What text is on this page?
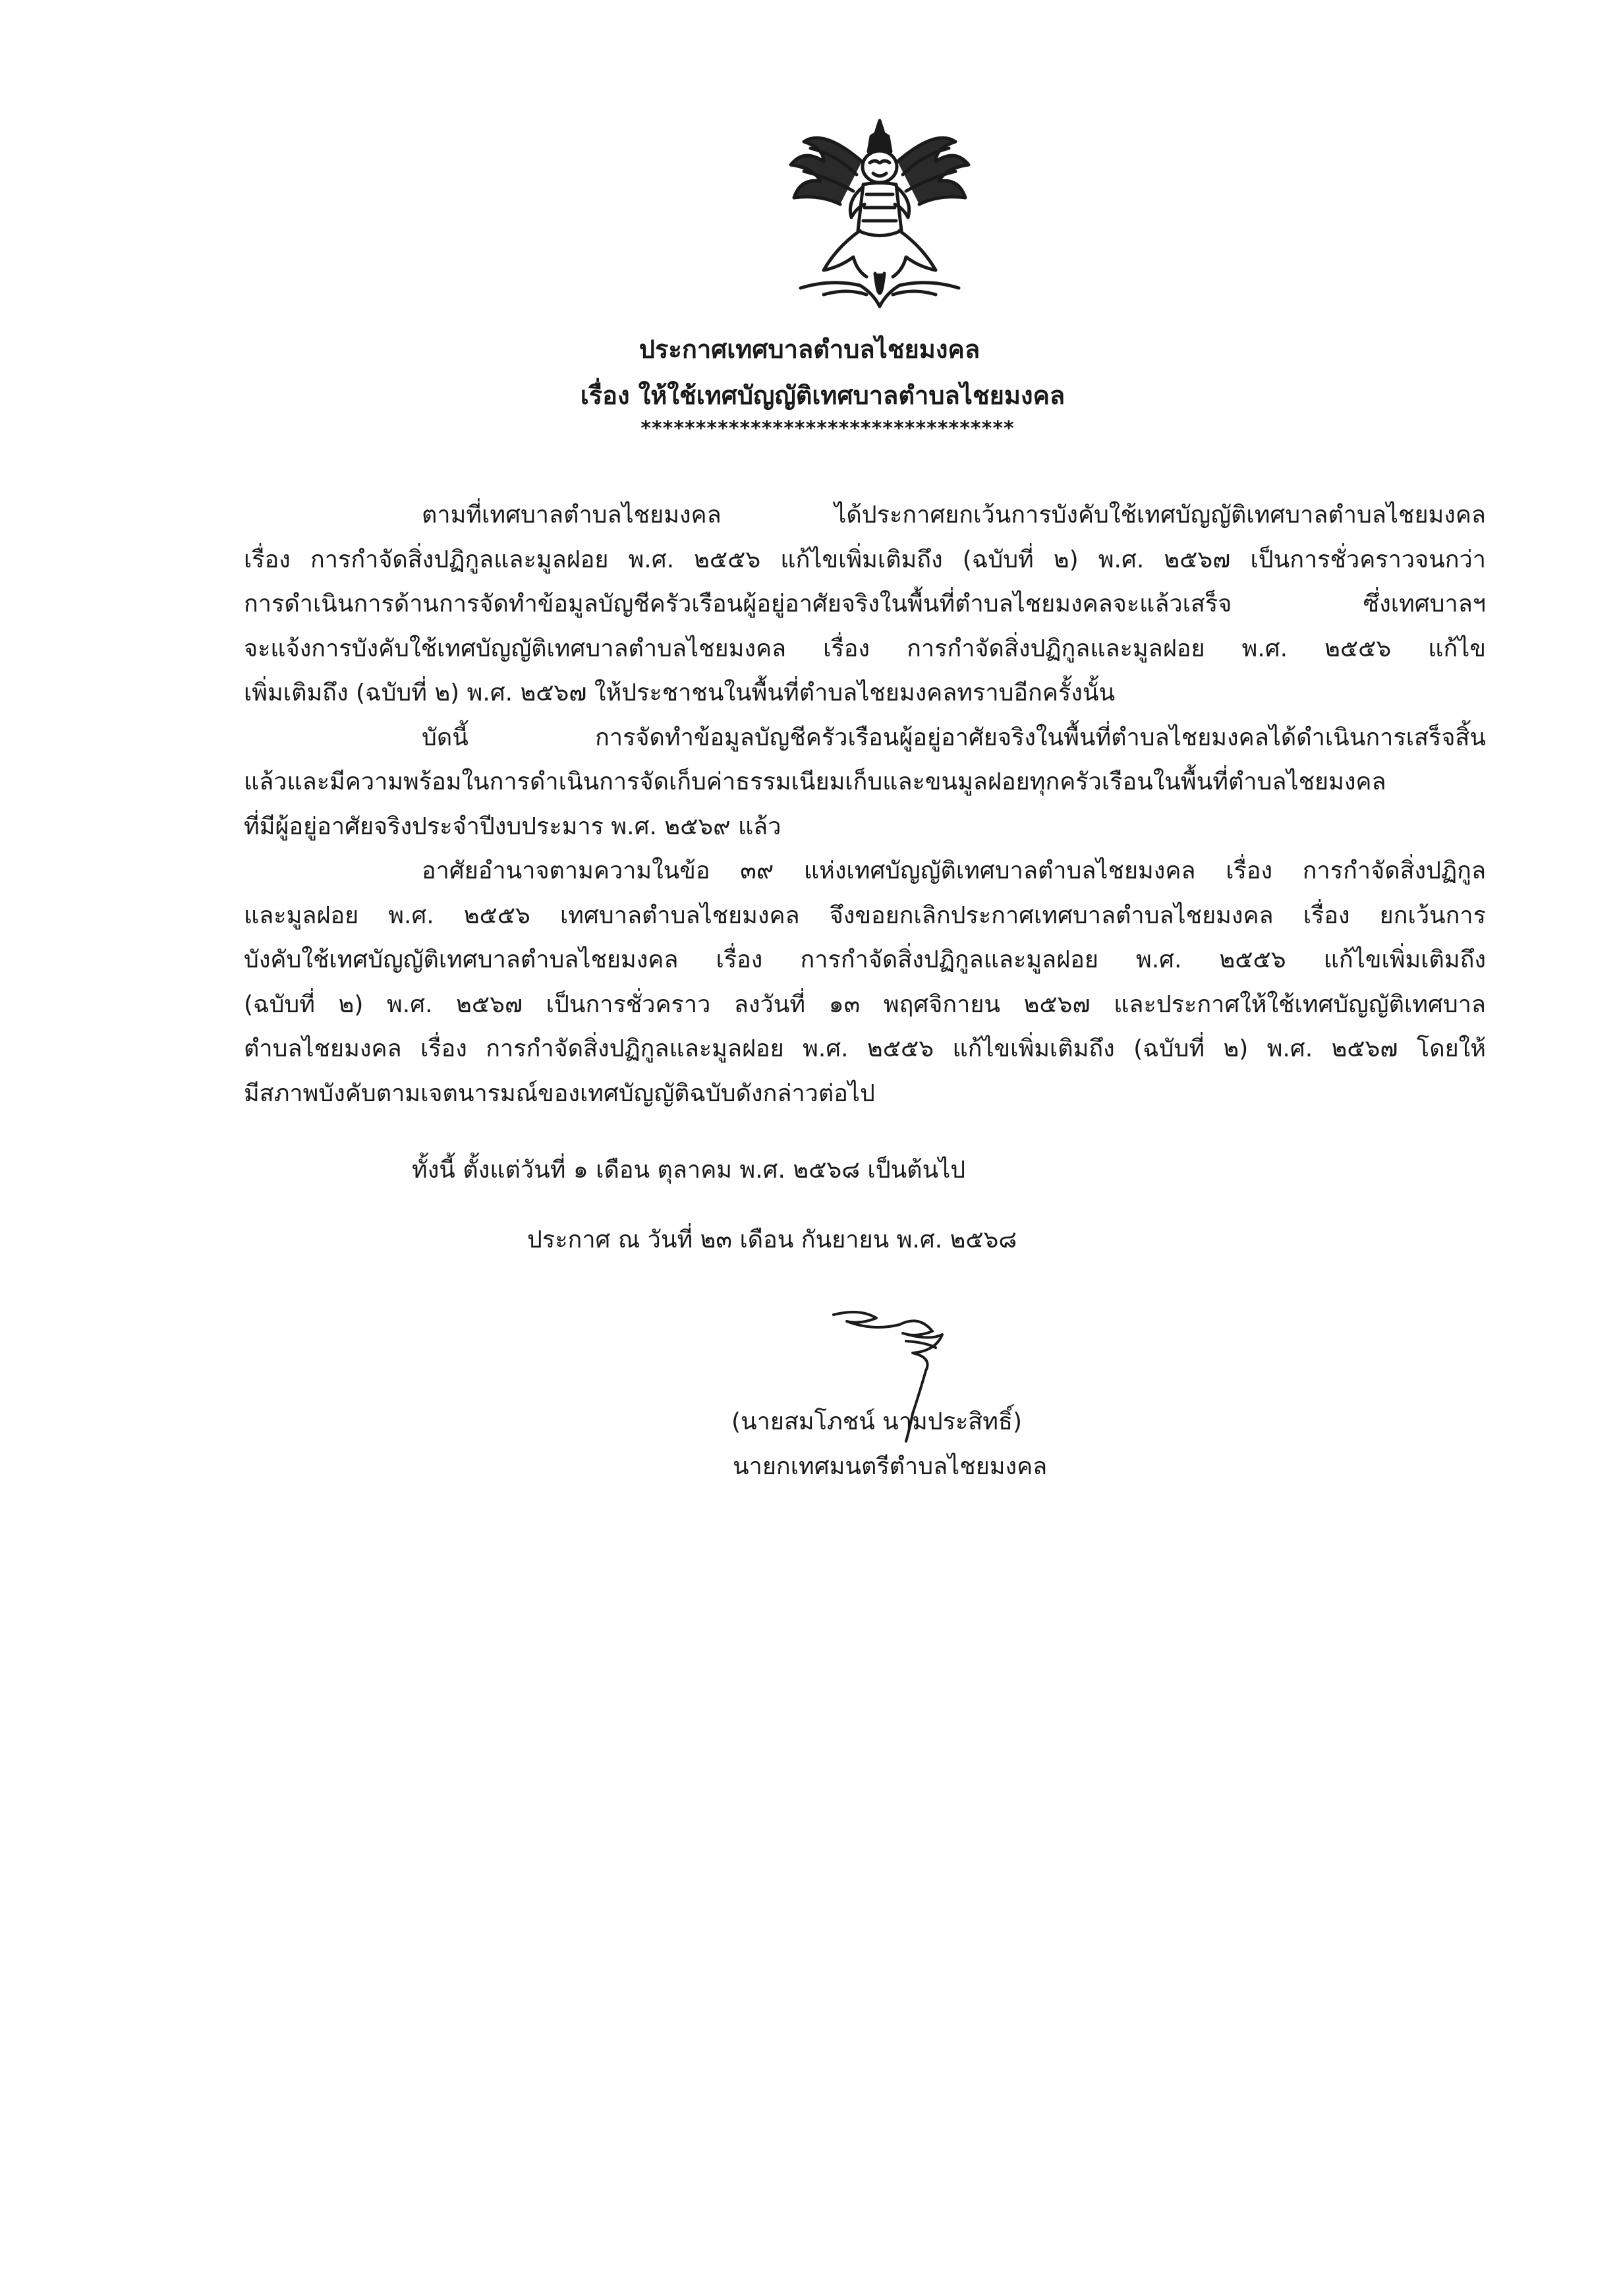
ประกาศเทศบาลตำบลไชยมงคล
เรื่อง ให้ใช้เทศบัญญัติเทศบาลตำบลไชยมงคล
**********************************
ตามที่เทศบาลตำบลไชยมงคล ได้ประกาศยกเว้นการบังคับใช้เทศบัญญัติเทศบาลตำบลไชยมงคล
เรื่อง การกำจัดสิ่งปฏิกูลและมูลฝอย พ.ศ. ๒๕๕๖ แก้ไขเพิ่มเติมถึง (ฉบับที่ ๒) พ.ศ. ๒๕๖๗ เป็นการชั่วคราวจนกว่า
การดำเนินการด้านการจัดทำข้อมูลบัญชีครัวเรือนผู้อยู่อาศัยจริงในพื้นที่ตำบลไชยมงคลจะแล้วเสร็จ ซึ่งเทศบาลฯ
จะแจ้งการบังคับใช้เทศบัญญัติเทศบาลตำบลไชยมงคล เรื่อง การกำจัดสิ่งปฏิกูลและมูลฝอย พ.ศ. ๒๕๕๖ แก้ไข
เพิ่มเติมถึง (ฉบับที่ ๒) พ.ศ. ๒๕๖๗ ให้ประชาชนในพื้นที่ตำบลไชยมงคลทราบอีกครั้งนั้น
บัดนี้ การจัดทำข้อมูลบัญชีครัวเรือนผู้อยู่อาศัยจริงในพื้นที่ตำบลไชยมงคลได้ดำเนินการเสร็จสิ้น
แล้วและมีความพร้อมในการดำเนินการจัดเก็บค่าธรรมเนียมเก็บและขนมูลฝอยทุกครัวเรือนในพื้นที่ตำบลไชยมงคล
ที่มีผู้อยู่อาศัยจริงประจำปีงบประมาร พ.ศ. ๒๕๖๙ แล้ว
อาศัยอำนาจตามความในข้อ ๓๙ แห่งเทศบัญญัติเทศบาลตำบลไชยมงคล เรื่อง การกำจัดสิ่งปฏิกูล
และมูลฝอย พ.ศ. ๒๕๕๖ เทศบาลตำบลไชยมงคล จึงขอยกเลิกประกาศเทศบาลตำบลไชยมงคล เรื่อง ยกเว้นการ
บังคับใช้เทศบัญญัติเทศบาลตำบลไชยมงคล เรื่อง การกำจัดสิ่งปฏิกูลและมูลฝอย พ.ศ. ๒๕๕๖ แก้ไขเพิ่มเติมถึง
(ฉบับที่ ๒) พ.ศ. ๒๕๖๗ เป็นการชั่วคราว ลงวันที่ ๑๓ พฤศจิกายน ๒๕๖๗ และประกาศให้ใช้เทศบัญญัติเทศบาล
ตำบลไชยมงคล เรื่อง การกำจัดสิ่งปฏิกูลและมูลฝอย พ.ศ. ๒๕๕๖ แก้ไขเพิ่มเติมถึง (ฉบับที่ ๒) พ.ศ. ๒๕๖๗ โดยให้
มีสภาพบังคับตามเจตนารมณ์ของเทศบัญญัติฉบับดังกล่าวต่อไป
ทั้งนี้ ตั้งแต่วันที่ ๑ เดือน ตุลาคม พ.ศ. ๒๕๖๘ เป็นต้นไป
ประกาศ ณ วันที่ ๒๓ เดือน กันยายน พ.ศ. ๒๕๖๘
(นายสมโภชน์ นามประสิทธิ์)
นายกเทศมนตรีตำบลไชยมงคล
